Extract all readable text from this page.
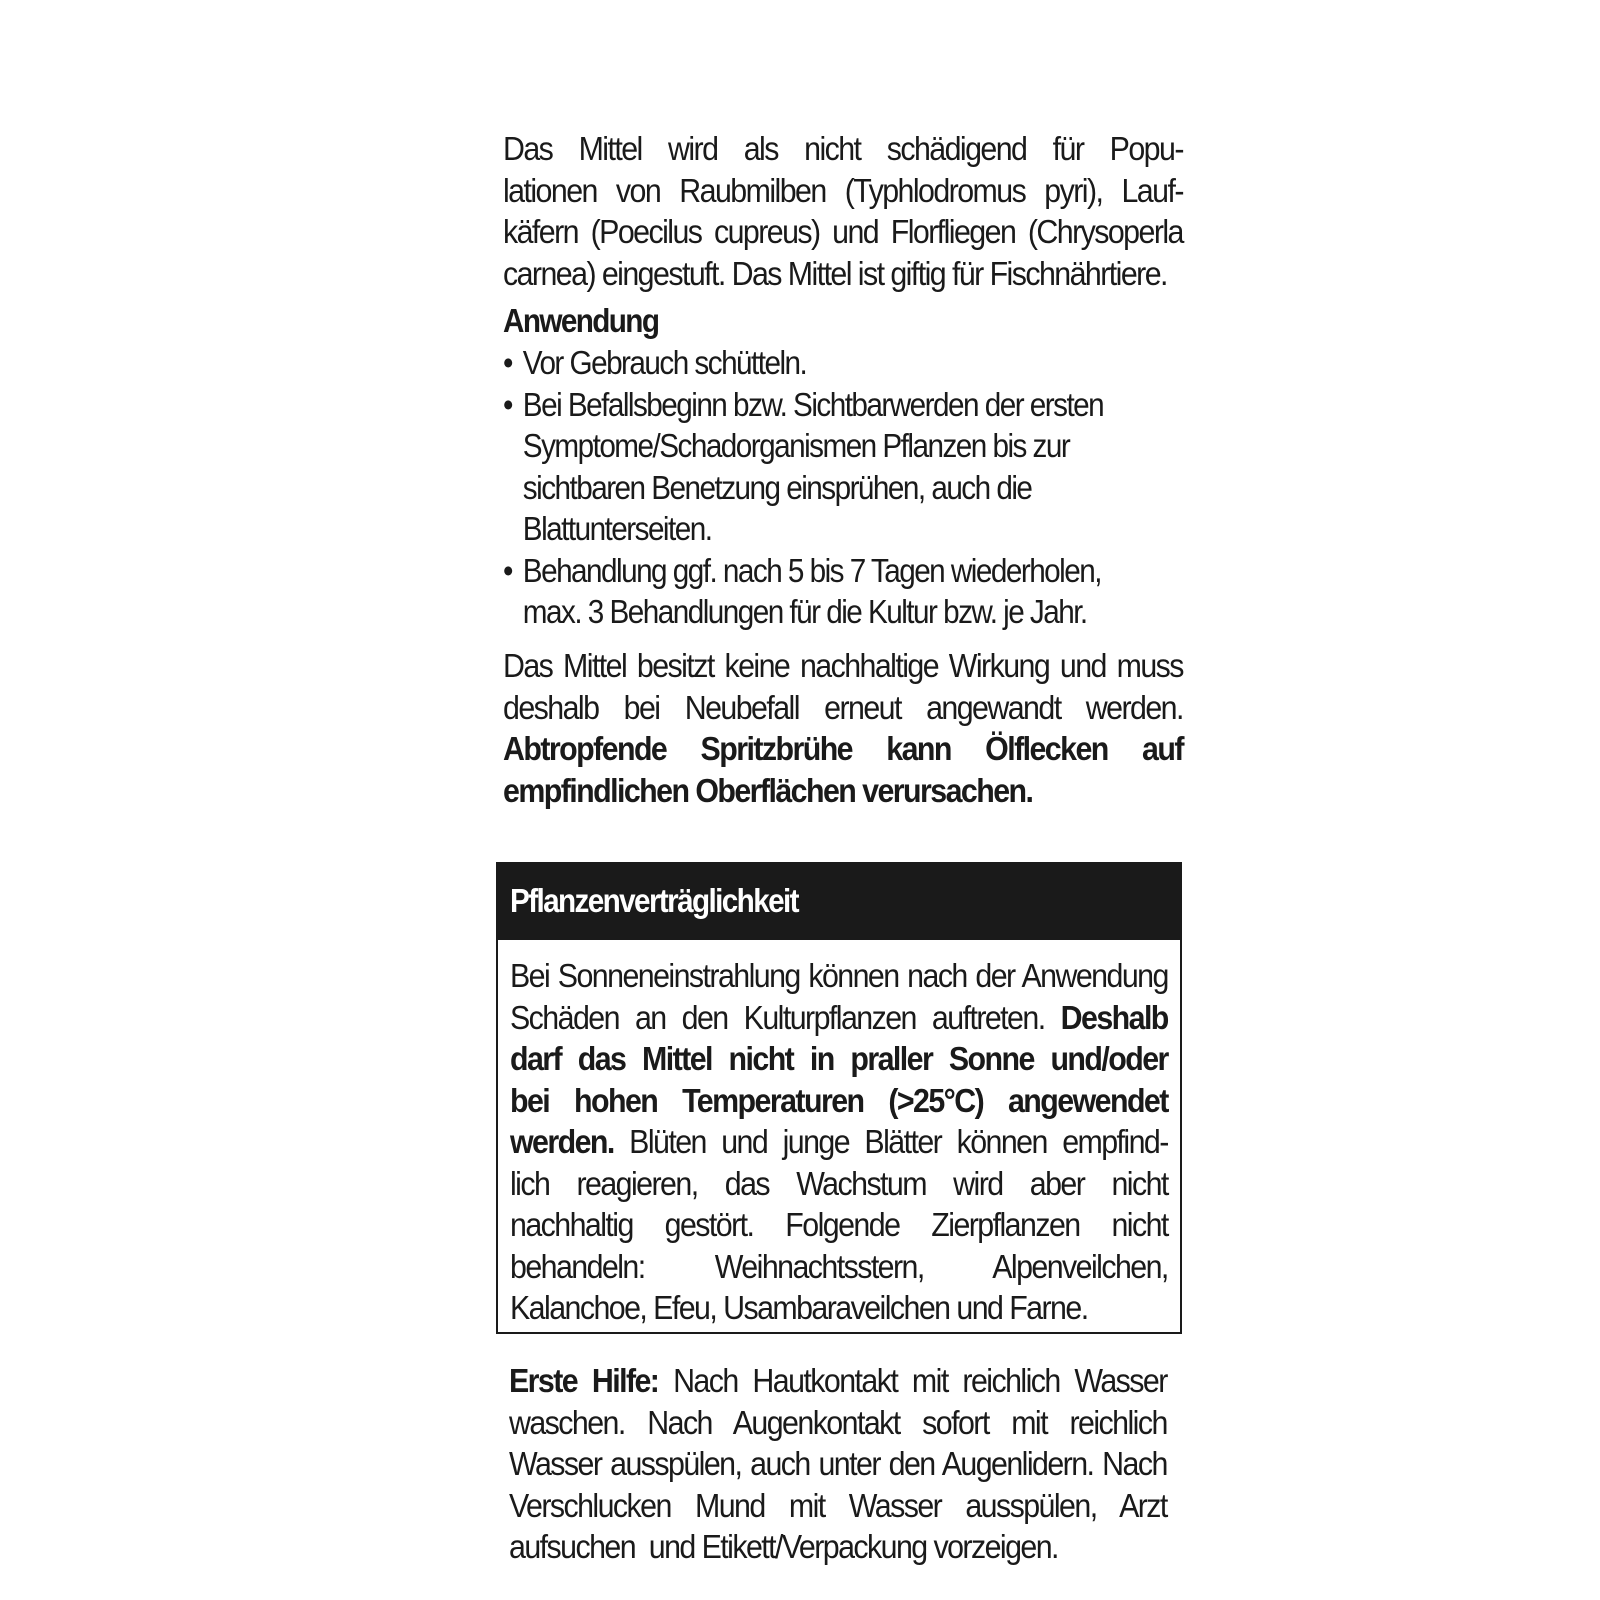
Das Mittel wird als nicht schädigend für Popu-

lationen von Raubmilben (Typhlodromus pyri), Lauf-

käfern (Poecilus cupreus) und Florfliegen (Chrysoperla

carnea) eingestuft. Das Mittel ist giftig für Fischnährtiere.

Anwendung
• Vor Gebrauch schütteln.
• Bei Befallsbeginn bzw. Sichtbarwerden der ersten
Symptome/Schadorganismen Pflanzen bis zur
sichtbaren Benetzung einsprühen, auch die
Blattunterseiten.
• Behandlung ggf. nach 5 bis 7 Tagen wiederholen,
max. 3 Behandlungen für die Kultur bzw. je Jahr.

Das Mittel besitzt keine nachhaltige Wirkung und muss

deshalb bei Neubefall erneut angewandt werden.

Abtropfende Spritzbrühe kann Ölflecken auf

empfindlichen Oberflächen verursachen.

Pflanzenverträglichkeit

Bei Sonneneinstrahlung können nach der Anwendung

Schäden an den Kulturpflanzen auftreten. Deshalb

darf das Mittel nicht in praller Sonne und/oder

bei hohen Temperaturen (>25°C) angewendet

werden. Blüten und junge Blätter können empfind-

lich reagieren, das Wachstum wird aber nicht

nachhaltig gestört. Folgende Zierpflanzen nicht

behandeln: Weihnachtsstern, Alpenveilchen,

Kalanchoe, Efeu, Usambaraveilchen und Farne.

Erste Hilfe: Nach Hautkontakt mit reichlich Wasser

waschen. Nach Augenkontakt sofort mit reichlich

Wasser ausspülen, auch unter den Augenlidern. Nach

Verschlucken Mund mit Wasser ausspülen, Arzt

aufsuchen  und Etikett/Verpackung vorzeigen.
